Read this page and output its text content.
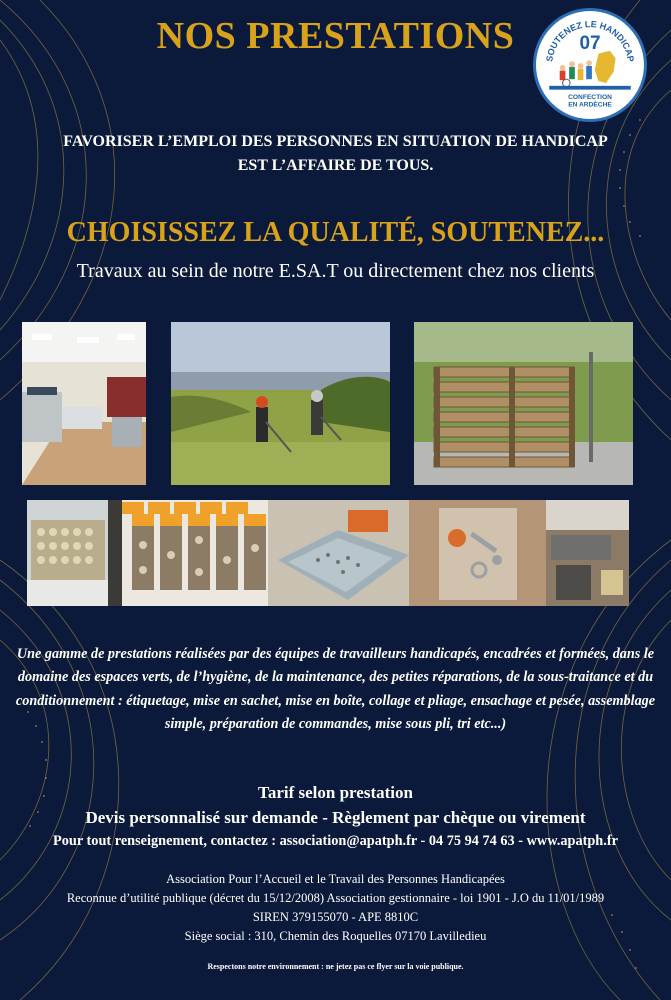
NOS PRESTATIONS
SOUTENEZ LE HANDICAP
07
CONFECTION
EN ARDÈCHE
FAVORISER L’EMPLOI DES PERSONNES EN SITUATION DE HANDICAP
EST L’AFFAIRE DE TOUS.
CHOISISSEZ LA QUALITÉ, SOUTENEZ...
Travaux au sein de notre E.SA.T ou directement chez nos clients
Une gamme de prestations réalisées par des équipes de travailleurs handicapés, encadrées et formées, dans le domaine des espaces verts, de l’hygiène, de la maintenance, des petites réparations, de la sous-traitance et du conditionnement : étiquetage, mise en sachet, mise en boîte, collage et pliage, ensachage et pesée, assemblage simple, préparation de commandes, mise sous pli, tri etc...)
Tarif selon prestation
Devis personnalisé sur demande - Règlement par chèque ou virement
Pour tout renseignement, contactez : association@apatph.fr - 04 75 94 74 63 - www.apatph.fr
Association Pour l’Accueil et le Travail des Personnes Handicapées
Reconnue d’utilité publique (décret du 15/12/2008) Association gestionnaire - loi 1901 - J.O du 11/01/1989
SIREN 379155070 - APE 8810C
Siège social : 310, Chemin des Roquelles 07170 Lavilledieu
Respectons notre environnement : ne jetez pas ce flyer sur la voie publique.
